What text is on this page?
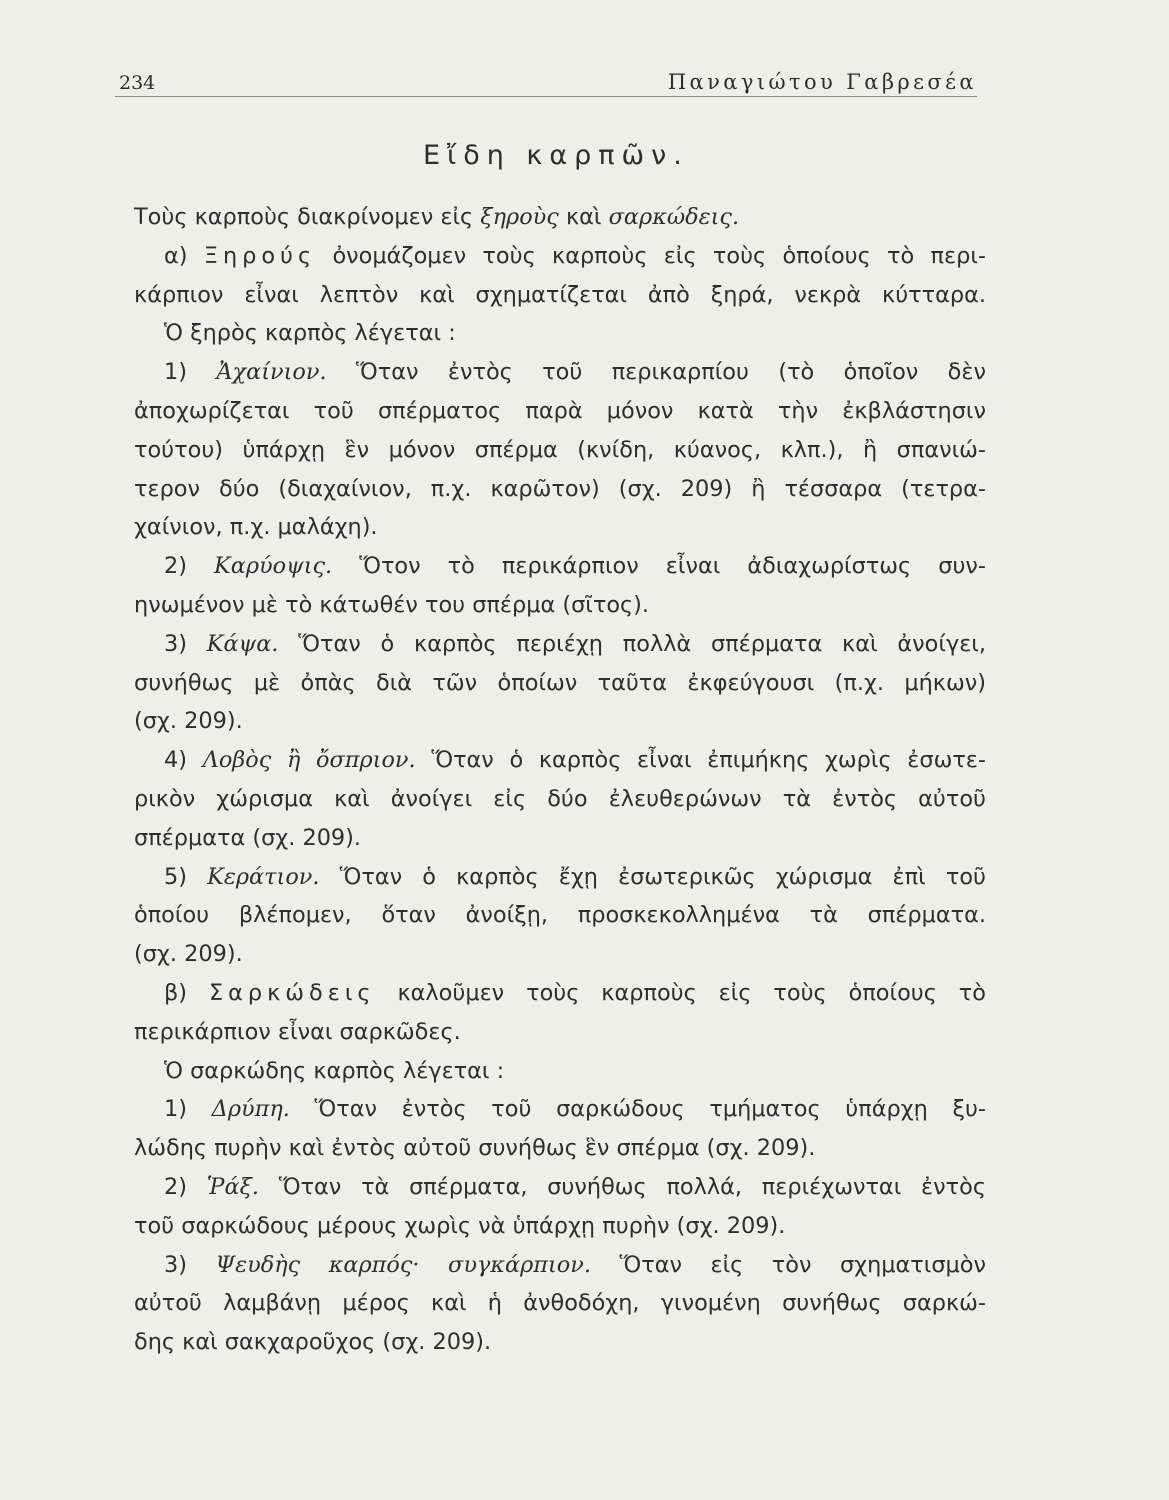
234	Παναγιώτου Γαβρεσέα
Εἴδη καρπῶν.
Τοὺς καρποὺς διακρίνομεν εἰς ξηροὺς καὶ σαρκώδεις.
α) Ξηρούς ὀνομάζομεν τοὺς καρποὺς εἰς τοὺς ὁποίους τὸ περι-
κάρπιον εἶναι λεπτὸν καὶ σχηματίζεται ἀπὸ ξηρά, νεκρὰ κύτταρα.
Ὁ ξηρὸς καρπὸς λέγεται :
1) Ἀχαίνιον. Ὅταν ἐντὸς τοῦ περικαρπίου (τὸ ὁποῖον δὲν
ἀποχωρίζεται τοῦ σπέρματος παρὰ μόνον κατὰ τὴν ἐκβλάστησιν
τούτου) ὑπάρχῃ ἓν μόνον σπέρμα (κνίδη, κύανος, κλπ.), ἢ σπανιώ-
τερον δύο (διαχαίνιον, π.χ. καρῶτον) (σχ. 209) ἢ τέσσαρα (τετρα-
χαίνιον, π.χ. μαλάχη).
2) Καρύοψις. Ὅτον τὸ περικάρπιον εἶναι ἀδιαχωρίστως συν-
ηνωμένον μὲ τὸ κάτωθέν του σπέρμα (σῖτος).
3) Κάψα. Ὅταν ὁ καρπὸς περιέχῃ πολλὰ σπέρματα καὶ ἀνοίγει,
συνήθως μὲ ὀπὰς διὰ τῶν ὁποίων ταῦτα ἐκφεύγουσι (π.χ. μήκων)
(σχ. 209).
4) Λοβὸς ἢ ὄσπριον. Ὅταν ὁ καρπὸς εἶναι ἐπιμήκης χωρὶς ἐσωτε-
ρικὸν χώρισμα καὶ ἀνοίγει εἰς δύο ἐλευθερώνων τὰ ἐντὸς αὐτοῦ
σπέρματα (σχ. 209).
5) Κεράτιον. Ὅταν ὁ καρπὸς ἔχῃ ἐσωτερικῶς χώρισμα ἐπὶ τοῦ
ὁποίου βλέπομεν, ὅταν ἀνοίξῃ, προσκεκολλημένα τὰ σπέρματα.
(σχ. 209).
β) Σαρκώδεις καλοῦμεν τοὺς καρποὺς εἰς τοὺς ὁποίους τὸ
περικάρπιον εἶναι σαρκῶδες.
Ὁ σαρκώδης καρπὸς λέγεται :
1) Δρύπη. Ὅταν ἐντὸς τοῦ σαρκώδους τμήματος ὑπάρχῃ ξυ-
λώδης πυρὴν καὶ ἐντὸς αὐτοῦ συνήθως ἓν σπέρμα (σχ. 209).
2) Ῥάξ. Ὅταν τὰ σπέρματα, συνήθως πολλά, περιέχωνται ἐντὸς
τοῦ σαρκώδους μέρους χωρὶς νὰ ὑπάρχῃ πυρὴν (σχ. 209).
3) Ψευδὴς καρπός· συγκάρπιον. Ὅταν εἰς τὸν σχηματισμὸν
αὐτοῦ λαμβάνῃ μέρος καὶ ἡ ἀνθοδόχη, γινομένη συνήθως σαρκώ-
δης καὶ σακχαροῦχος (σχ. 209).
